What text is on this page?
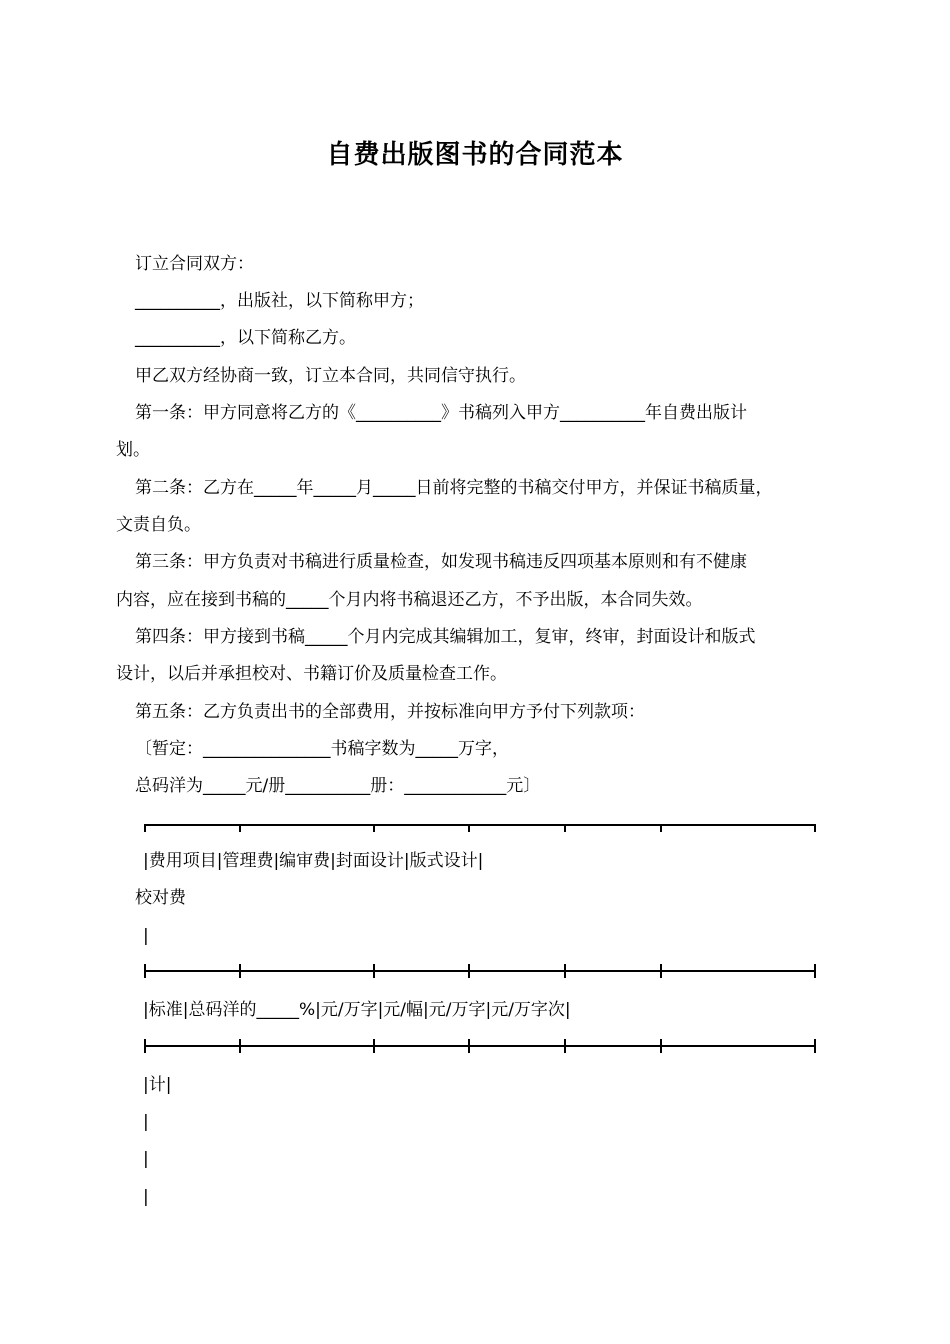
自费出版图书的合同范本
订立合同双方：
__________，出版社，以下简称甲方；
__________，以下简称乙方。
甲乙双方经协商一致，订立本合同，共同信守执行。
第一条：甲方同意将乙方的《__________》书稿列入甲方__________年自费出版计
划。
第二条：乙方在_____年_____月_____日前将完整的书稿交付甲方，并保证书稿质量，
文责自负。
第三条：甲方负责对书稿进行质量检查，如发现书稿违反四项基本原则和有不健康
内容，应在接到书稿的_____个月内将书稿退还乙方，不予出版，本合同失效。
第四条：甲方接到书稿_____个月内完成其编辑加工，复审，终审，封面设计和版式
设计，以后并承担校对、书籍订价及质量检查工作。
第五条：乙方负责出书的全部费用，并按标准向甲方予付下列款项：
〔暂定：_______________书稿字数为_____万字，
总码洋为_____元/册__________册：____________元〕
|费用项目|管理费|编审费|封面设计|版式设计|
校对费
|
|标准|总码洋的_____%|元/万字|元/幅|元/万字|元/万字次|
|计|
|
|
|
